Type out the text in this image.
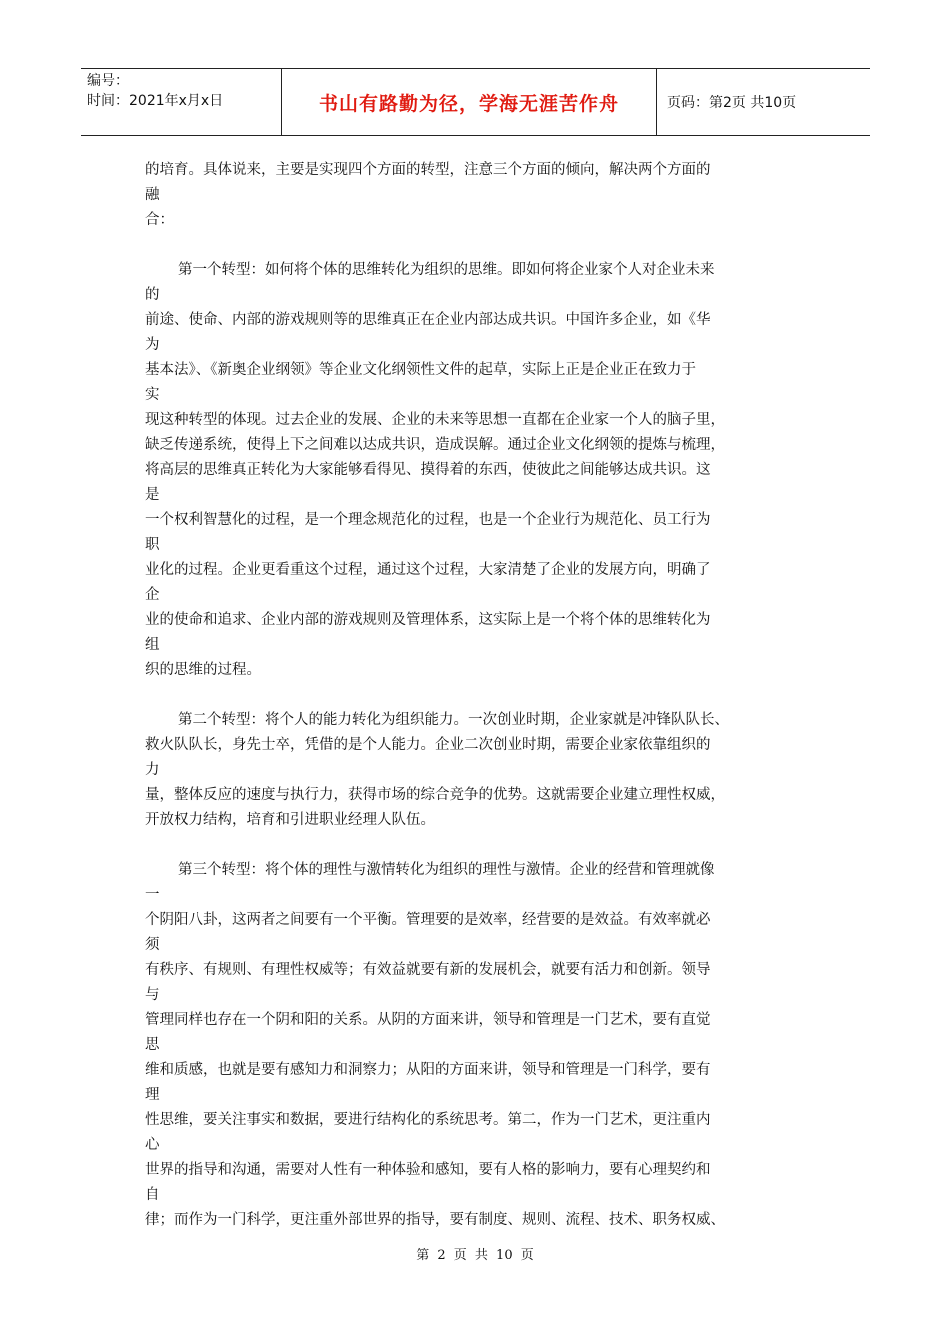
编号：
时间：2021年x月x日	书山有路勤为径，学海无涯苦作舟	页码：第2页 共10页
的培育。具体说来，主要是实现四个方面的转型，注意三个方面的倾向，解决两个方面的
融
合：
第一个转型：如何将个体的思维转化为组织的思维。即如何将企业家个人对企业未来
的
前途、使命、内部的游戏规则等的思维真正在企业内部达成共识。中国许多企业，如《华
为
基本法》、《新奥企业纲领》等企业文化纲领性文件的起草，实际上正是企业正在致力于
实
现这种转型的体现。过去企业的发展、企业的未来等思想一直都在企业家一个人的脑子里，
缺乏传递系统，使得上下之间难以达成共识，造成误解。通过企业文化纲领的提炼与梳理，
将高层的思维真正转化为大家能够看得见、摸得着的东西，使彼此之间能够达成共识。这
是
一个权利智慧化的过程，是一个理念规范化的过程，也是一个企业行为规范化、员工行为
职
业化的过程。企业更看重这个过程，通过这个过程，大家清楚了企业的发展方向，明确了
企
业的使命和追求、企业内部的游戏规则及管理体系，这实际上是一个将个体的思维转化为
组
织的思维的过程。
第二个转型：将个人的能力转化为组织能力。一次创业时期，企业家就是冲锋队队长、
救火队队长，身先士卒，凭借的是个人能力。企业二次创业时期，需要企业家依靠组织的
力
量，整体反应的速度与执行力，获得市场的综合竞争的优势。这就需要企业建立理性权威，
开放权力结构，培育和引进职业经理人队伍。
第三个转型：将个体的理性与激情转化为组织的理性与激情。企业的经营和管理就像
一
个阴阳八卦，这两者之间要有一个平衡。管理要的是效率，经营要的是效益。有效率就必
须
有秩序、有规则、有理性权威等；有效益就要有新的发展机会，就要有活力和创新。领导
与
管理同样也存在一个阴和阳的关系。从阴的方面来讲，领导和管理是一门艺术，要有直觉
思
维和质感，也就是要有感知力和洞察力；从阳的方面来讲，领导和管理是一门科学，要有
理
性思维，要关注事实和数据，要进行结构化的系统思考。第二，作为一门艺术，更注重内
心
世界的指导和沟通，需要对人性有一种体验和感知，要有人格的影响力，要有心理契约和
自
律；而作为一门科学，更注重外部世界的指导，要有制度、规则、流程、技术、职务权威、
第 2 页 共 10 页
